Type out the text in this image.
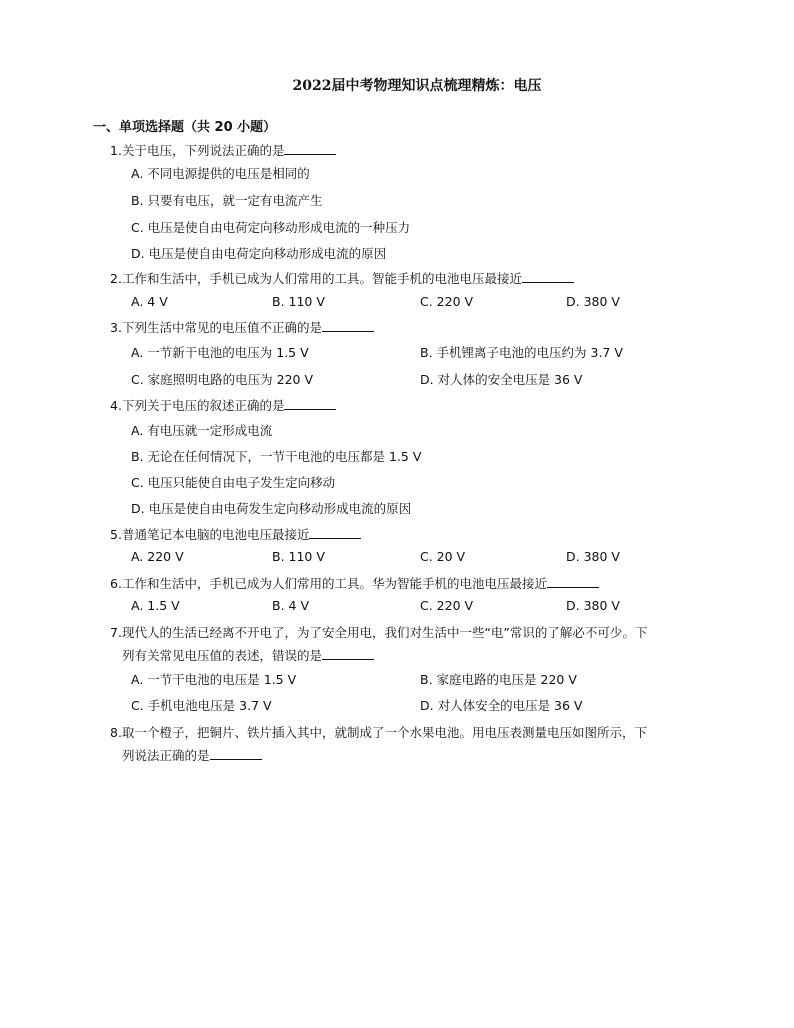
2022届中考物理知识点梳理精炼：电压
一、单项选择题（共 20 小题）
1.关于电压，下列说法正确的是
A. 不同电源提供的电压是相同的
B. 只要有电压，就一定有电流产生
C. 电压是使自由电荷定向移动形成电流的一种压力
D. 电压是使自由电荷定向移动形成电流的原因
2.工作和生活中，手机已成为人们常用的工具。智能手机的电池电压最接近
A. 4 V	B. 110 V	C. 220 V	D. 380 V
3.下列生活中常见的电压值不正确的是
A. 一节新干电池的电压为 1.5 V	B. 手机锂离子电池的电压约为 3.7 V
C. 家庭照明电路的电压为 220 V	D. 对人体的安全电压是 36 V
4.下列关于电压的叙述正确的是
A. 有电压就一定形成电流
B. 无论在任何情况下，一节干电池的电压都是 1.5 V
C. 电压只能使自由电子发生定向移动
D. 电压是使自由电荷发生定向移动形成电流的原因
5.普通笔记本电脑的电池电压最接近
A. 220 V	B. 110 V	C. 20 V	D. 380 V
6.工作和生活中，手机已成为人们常用的工具。华为智能手机的电池电压最接近
A. 1.5 V	B. 4 V	C. 220 V	D. 380 V
7.现代人的生活已经离不开电了，为了安全用电，我们对生活中一些“电”常识的了解必不可少。下
列有关常见电压值的表述，错误的是
A. 一节干电池的电压是 1.5 V	B. 家庭电路的电压是 220 V
C. 手机电池电压是 3.7 V	D. 对人体安全的电压是 36 V
8.取一个橙子，把铜片、铁片插入其中，就制成了一个水果电池。用电压表测量电压如图所示，下
列说法正确的是
